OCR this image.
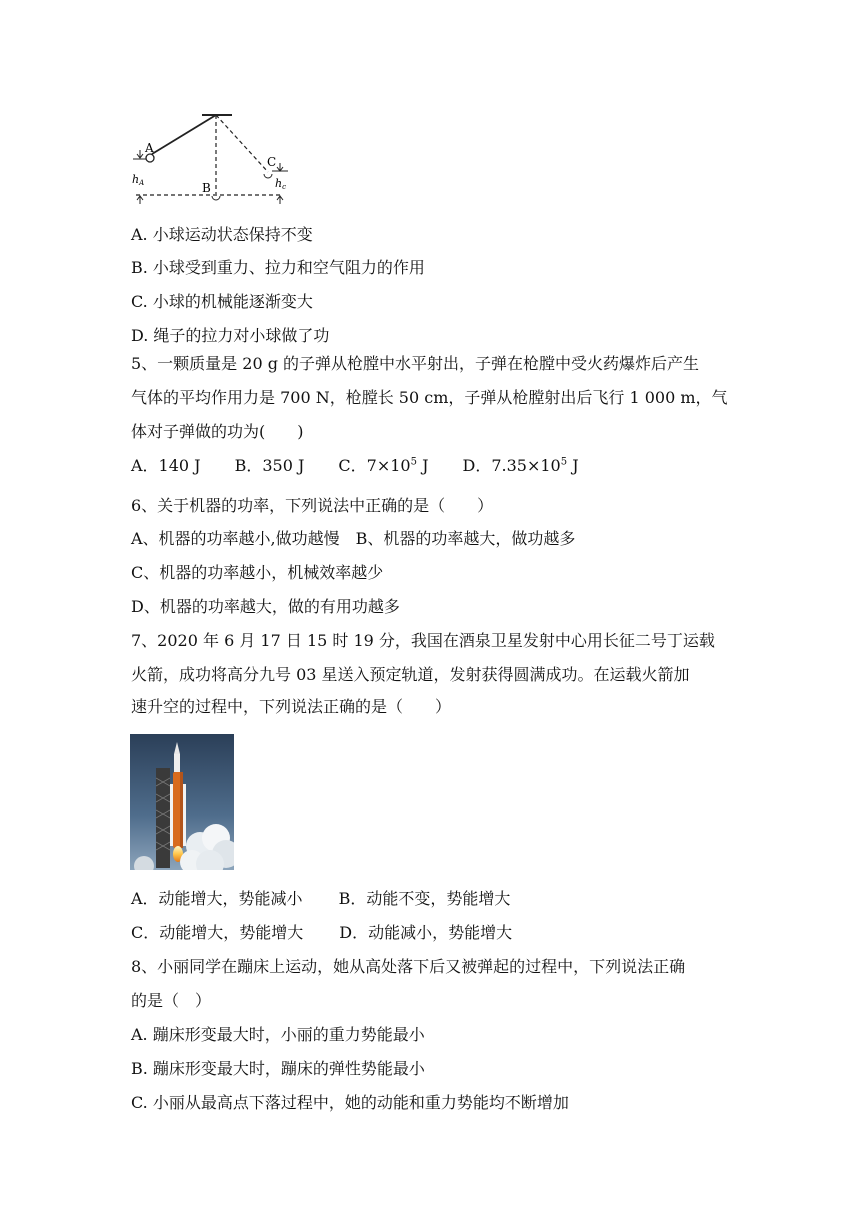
A
B
C
hA	hc
A. 小球运动状态保持不变
B. 小球受到重力、拉力和空气阻力的作用
C. 小球的机械能逐渐变大
D. 绳子的拉力对小球做了功
5、一颗质量是 20 g 的子弹从枪膛中水平射出，子弹在枪膛中受火药爆炸后产生
气体的平均作用力是 700 N，枪膛长 50 cm，子弹从枪膛射出后飞行 1 000 m，气
体对子弹做的功为(　　)
A．140 J B．350 J C．$7\times 10^5$ J D．$7.35\times 10^5$ J
6、关于机器的功率，下列说法中正确的是（　　）
A、机器的功率越小,做功越慢　B、机器的功率越大，做功越多
C、机器的功率越小，机械效率越少
D、机器的功率越大，做的有用功越多
7、2020 年 6 月 17 日 15 时 19 分，我国在酒泉卫星发射中心用长征二号丁运载
火箭，成功将高分九号 03 星送入预定轨道，发射获得圆满成功。在运载火箭加
速升空的过程中，下列说法正确的是（　　）
A．动能增大，势能减小 B．动能不变，势能增大
C．动能增大，势能增大 D．动能减小，势能增大
8、小丽同学在蹦床上运动，她从高处落下后又被弹起的过程中，下列说法正确
的是（　）
A. 蹦床形变最大时，小丽的重力势能最小
B. 蹦床形变最大时，蹦床的弹性势能最小
C. 小丽从最高点下落过程中，她的动能和重力势能均不断增加
